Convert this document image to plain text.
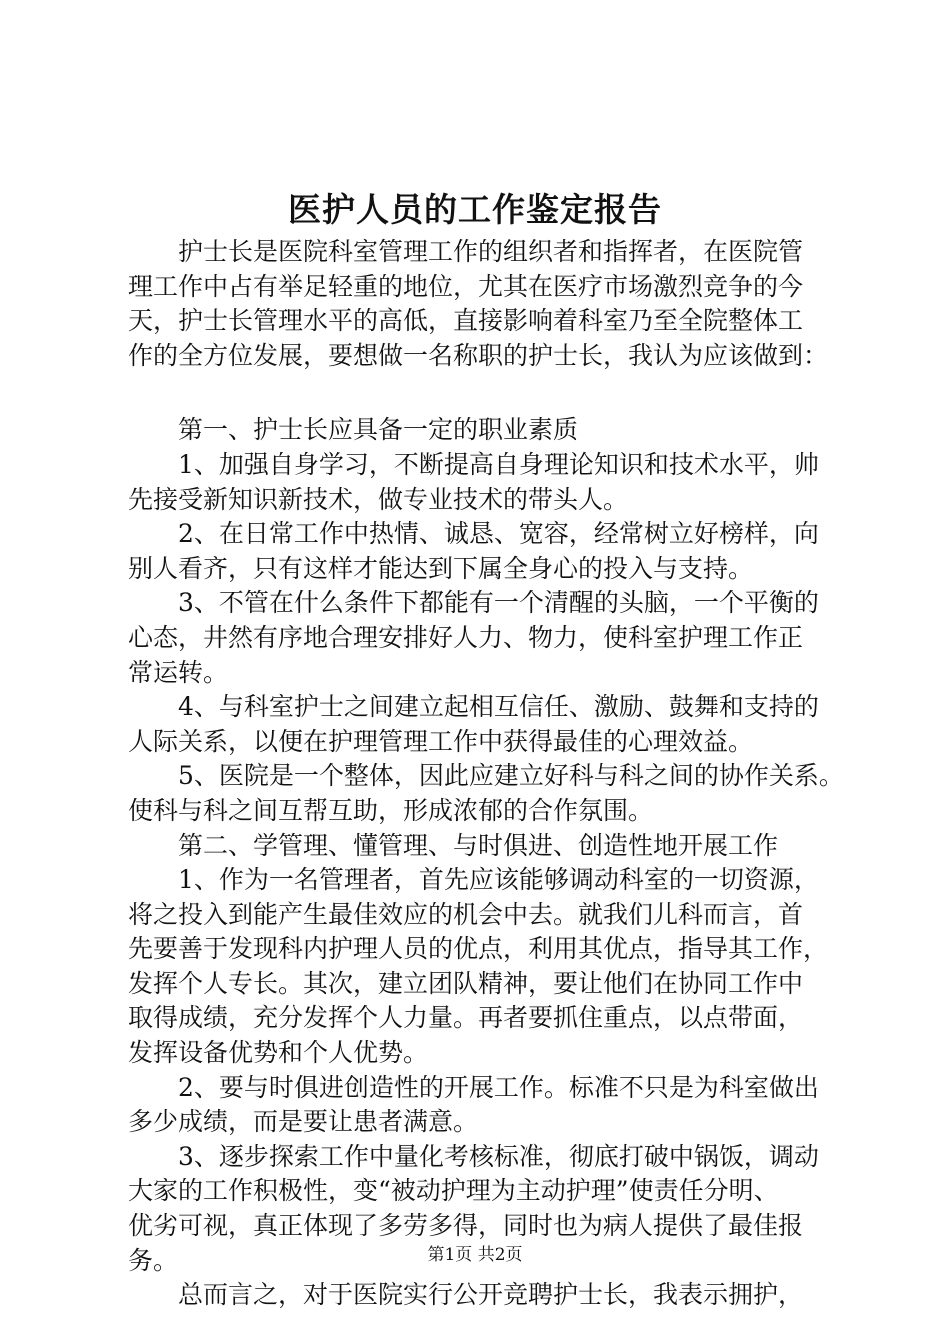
医护人员的工作鉴定报告
　　护士长是医院科室管理工作的组织者和指挥者，在医院管
理工作中占有举足轻重的地位，尤其在医疗市场激烈竞争的今
天，护士长管理水平的高低，直接影响着科室乃至全院整体工
作的全方位发展，要想做一名称职的护士长，我认为应该做到：
　　第一、护士长应具备一定的职业素质
　　1、加强自身学习，不断提高自身理论知识和技术水平，帅
先接受新知识新技术，做专业技术的带头人。
　　2、在日常工作中热情、诚恳、宽容，经常树立好榜样，向
别人看齐，只有这样才能达到下属全身心的投入与支持。
　　3、不管在什么条件下都能有一个清醒的头脑，一个平衡的
心态，井然有序地合理安排好人力、物力，使科室护理工作正
常运转。
　　4、与科室护士之间建立起相互信任、激励、鼓舞和支持的
人际关系，以便在护理管理工作中获得最佳的心理效益。
　　5、医院是一个整体，因此应建立好科与科之间的协作关系。
使科与科之间互帮互助，形成浓郁的合作氛围。
　　第二、学管理、懂管理、与时俱进、创造性地开展工作
　　1、作为一名管理者，首先应该能够调动科室的一切资源，
将之投入到能产生最佳效应的机会中去。就我们儿科而言，首
先要善于发现科内护理人员的优点，利用其优点，指导其工作，
发挥个人专长。其次，建立团队精神，要让他们在协同工作中
取得成绩，充分发挥个人力量。再者要抓住重点，以点带面，
发挥设备优势和个人优势。
　　2、要与时俱进创造性的开展工作。标准不只是为科室做出
多少成绩，而是要让患者满意。
　　3、逐步探索工作中量化考核标准，彻底打破中锅饭，调动
大家的工作积极性，变“被动护理为主动护理”使责任分明、
优劣可视，真正体现了多劳多得，同时也为病人提供了最佳报
务。
　　总而言之，对于医院实行公开竞聘护士长，我表示拥护，
第1页 共2页
